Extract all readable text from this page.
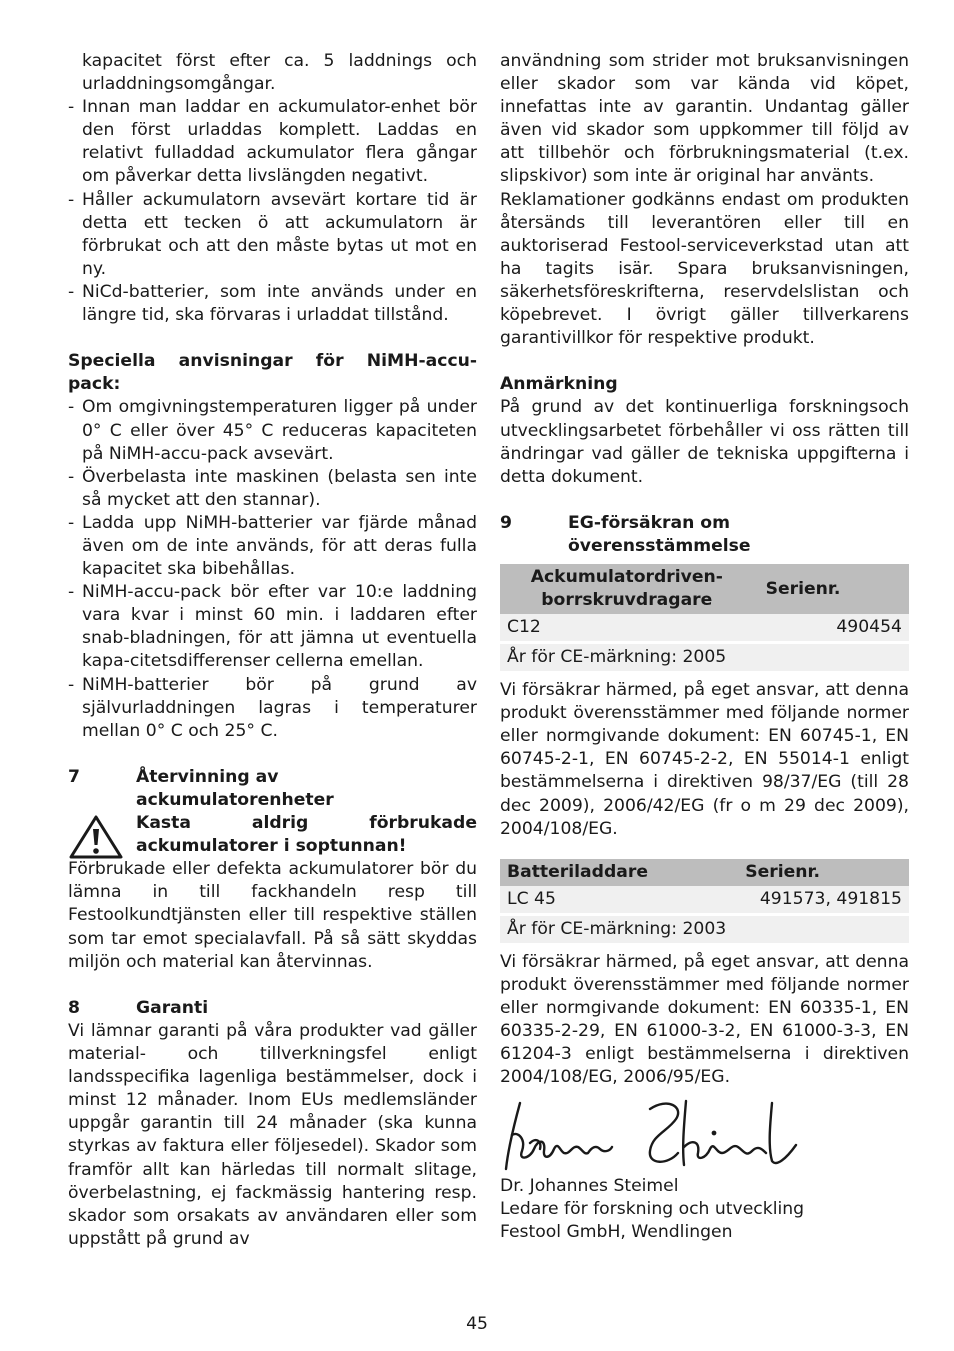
kapacitet först efter ca. 5 laddnings och urladdningsomgångar.

- Innan man laddar en ackumulator-enhet bör den först urladdas komplett. Laddas en relativt fulladdad ackumulator flera gångar om påverkar detta livslängden negativt.

- Håller ackumulatorn avsevärt kortare tid är detta ett tecken ö att ackumulatorn är förbrukat och att den måste bytas ut mot en ny.

- NiCd-batterier, som inte används under en längre tid, ska förvaras i urladdat tillstånd.

Speciella anvisningar för NiMH-accu-pack:

- Om omgivningstemperaturen ligger på under 0° C eller över 45° C reduceras kapaciteten på NiMH-accu-pack avsevärt.

- Överbelasta inte maskinen (belasta sen inte så mycket att den stannar).

- Ladda upp NiMH-batterier var fjärde månad även om de inte används, för att deras fulla kapacitet ska bibehållas.

- NiMH-accu-pack bör efter var 10:e laddning vara kvar i minst 60 min. i laddaren efter snab-bladningen, för att jämna ut eventuella kapa-citetsdifferenser cellerna emellan.

- NiMH-batterier bör på grund av självurladdningen lagras i temperaturer mellan 0° C och 25° C.

7	Återvinning av ackumulatorenheter
Kasta aldrig förbrukade ackumulatorer i soptunnan!

Förbrukade eller defekta ackumulatorer bör du lämna in till fackhandeln resp till Festoolkundtjänsten eller till respektive ställen som tar emot specialavfall. På så sätt skyddas miljön och material kan återvinnas.

8	Garanti

Vi lämnar garanti på våra produkter vad gäller material- och tillverkningsfel enligt landsspecifika lagenliga bestämmelser, dock i minst 12 månader. Inom EUs medlemsländer uppgår garantin till 24 månader (ska kunna styrkas av faktura eller följesedel). Skador som framför allt kan härledas till normalt slitage, överbelastning, ej fackmässig hantering resp. skador som orsakats av användaren eller som uppstått på grund av

användning som strider mot bruksanvisningen eller skador som var kända vid köpet, innefattas inte av garantin. Undantag gäller även vid skador som uppkommer till följd av att tillbehör och förbrukningsmaterial (t.ex. slipskivor) som inte är original har använts.

Reklamationer godkänns endast om produkten återsänds till leverantören eller till en auktoriserad Festool-serviceverkstad utan att ha tagits isär. Spara bruksanvisningen, säkerhetsföreskrifterna, reservdelslistan och köpebrevet. I övrigt gäller tillverkarens garantivillkor för respektive produkt.

Anmärkning

På grund av det kontinuerliga forskningsoch utvecklingsarbetet förbehåller vi oss rätten till ändringar vad gäller de tekniska uppgifterna i detta dokument.

9	EG-försäkran om överensstämmelse
Ackumulatordriven-borrskruvdragare	Serienr.
C12	490454
År för CE-märkning: 2005	

Vi försäkrar härmed, på eget ansvar, att denna produkt överensstämmer med följande normer eller normgivande dokument: EN 60745-1, EN 60745-2-1, EN 60745-2-2, EN 55014-1 enligt bestämmelserna i direktiven 98/37/EG (till 28 dec 2009), 2006/42/EG (fr o m 29 dec 2009), 2004/108/EG.

Batteriladdare	Serienr.
LC 45	491573, 491815
År för CE-märkning: 2003	

Vi försäkrar härmed, på eget ansvar, att denna produkt överensstämmer med följande normer eller normgivande dokument: EN 60335-1, EN 60335-2-29, EN 61000-3-2, EN 61000-3-3, EN 61204-3 enligt bestämmelserna i direktiven 2004/108/EG, 2006/95/EG.

Dr. Johannes Steimel

Ledare för forskning och utveckling

Festool GmbH, Wendlingen

45
